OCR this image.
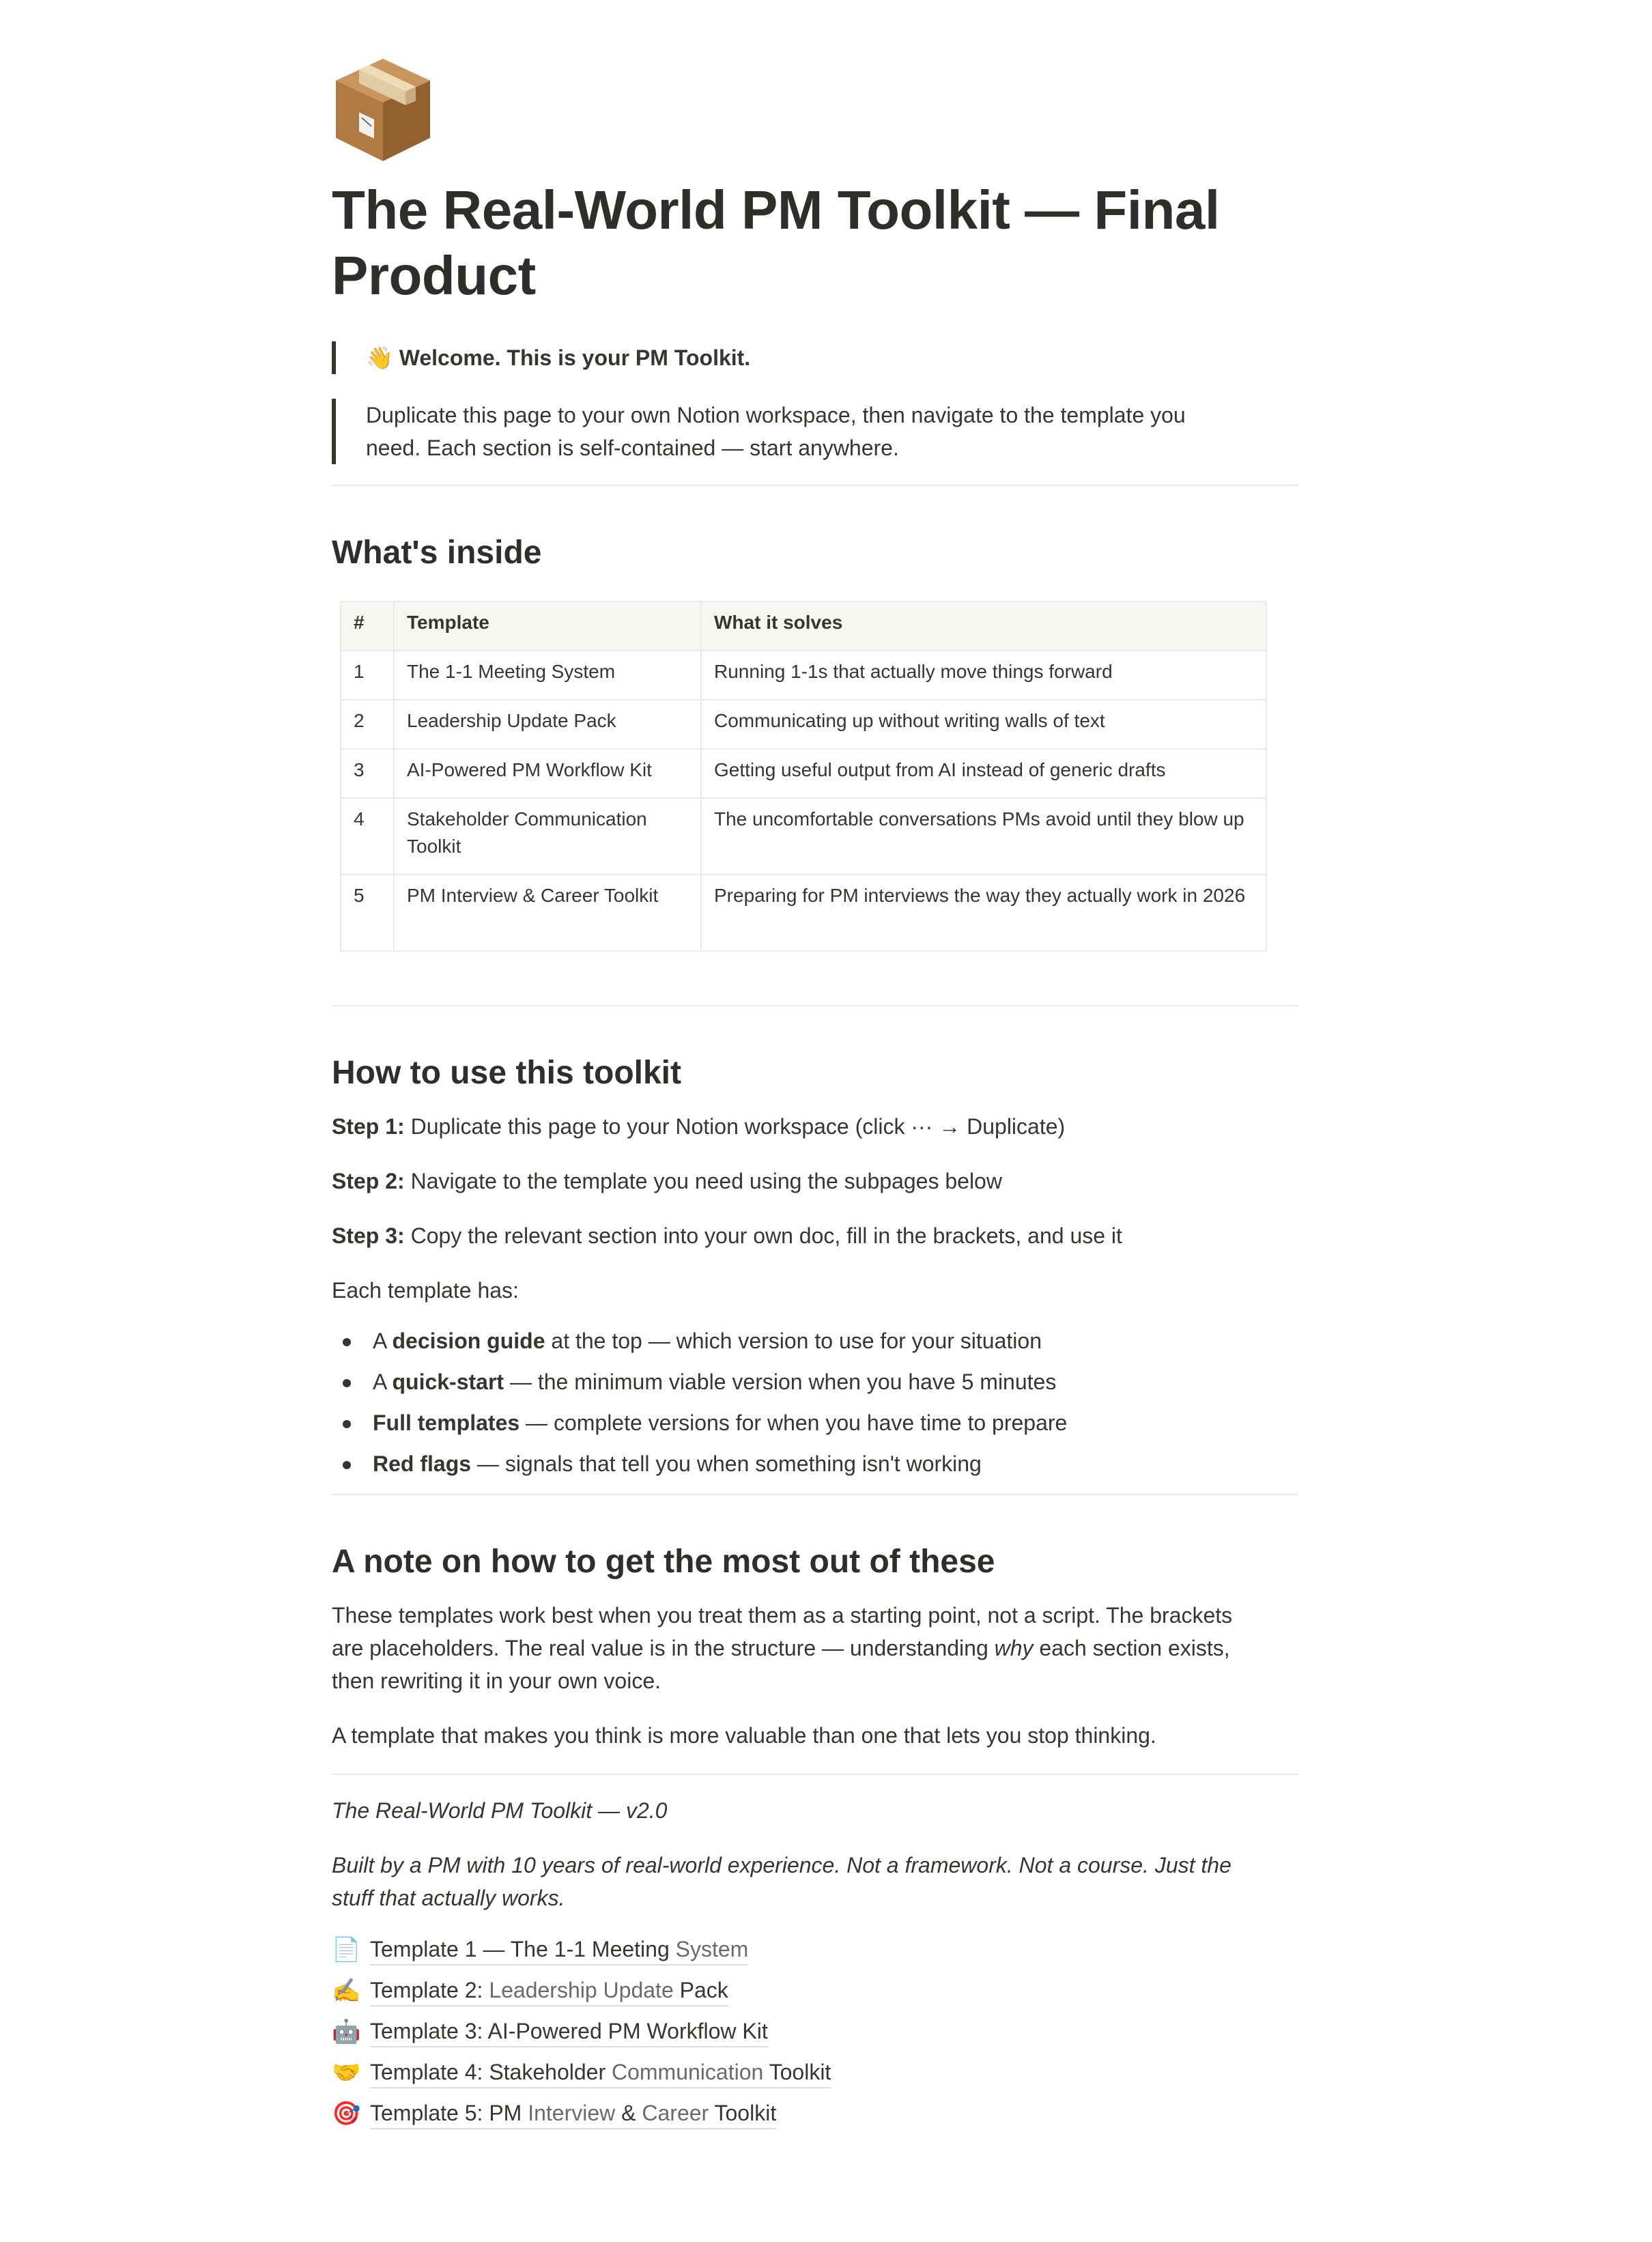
The Real-World PM Toolkit — Final
Product
👋 Welcome. This is your PM Toolkit.
Duplicate this page to your own Notion workspace, then navigate to the template you
need. Each section is self-contained — start anywhere.
What's inside
#	Template	What it solves
1	The 1-1 Meeting System	Running 1-1s that actually move things forward
2	Leadership Update Pack	Communicating up without writing walls of text
3	AI-Powered PM Workflow Kit	Getting useful output from AI instead of generic drafts
4	Stakeholder Communication Toolkit	The uncomfortable conversations PMs avoid until they blow up
5	PM Interview & Career Toolkit	Preparing for PM interviews the way they actually work in 2026
How to use this toolkit

Step 1: Duplicate this page to your Notion workspace (click ··· → Duplicate)

Step 2: Navigate to the template you need using the subpages below

Step 3: Copy the relevant section into your own doc, fill in the brackets, and use it

Each template has:

A decision guide at the top — which version to use for your situation
A quick-start — the minimum viable version when you have 5 minutes
Full templates — complete versions for when you have time to prepare
Red flags — signals that tell you when something isn't working
A note on how to get the most out of these

These templates work best when you treat them as a starting point, not a script. The brackets
are placeholders. The real value is in the structure — understanding why each section exists,
then rewriting it in your own voice.

A template that makes you think is more valuable than one that lets you stop thinking.

The Real-World PM Toolkit — v2.0

Built by a PM with 10 years of real-world experience. Not a framework. Not a course. Just the
stuff that actually works.

📄 Template 1 — The 1-1 Meeting System
✍️ Template 2: Leadership Update Pack
🤖 Template 3: AI-Powered PM Workflow Kit
🤝 Template 4: Stakeholder Communication Toolkit
🎯 Template 5: PM Interview & Career Toolkit
